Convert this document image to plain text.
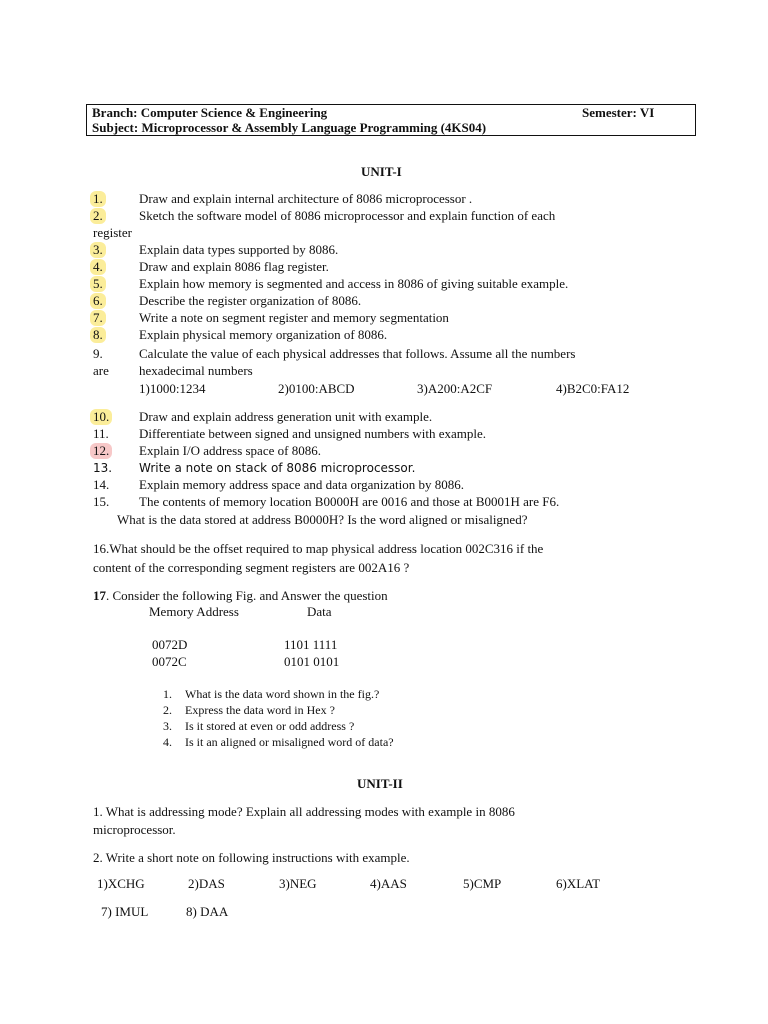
Branch: Computer Science & Engineering	Semester: VI
Subject: Microprocessor & Assembly Language Programming (4KS04)
UNIT-I
1.	Draw and explain internal architecture of 8086 microprocessor .
2.	Sketch the software model of 8086 microprocessor and explain function of each
register
3.	Explain data types supported by 8086.
4.	Draw and explain 8086 flag register.
5.	Explain how memory is segmented and access in 8086 of giving suitable example.
6.	Describe the register organization of 8086.
7.	Write a note on segment register and memory segmentation
8.	Explain physical memory organization of 8086.
9.	Calculate the value of each physical addresses that follows. Assume all the numbers
are hexadecimal numbers
1)1000:1234	2)0100:ABCD	3)A200:A2CF	4)B2C0:FA12
10. Draw and explain address generation unit with example.
11. Differentiate between signed and unsigned numbers with example.
12. Explain I/O address space of 8086.
13. Write a note on stack of 8086 microprocessor.
14. Explain memory address space and data organization by 8086.
15. The contents of memory location B0000H are 0016 and those at B0001H are F6.
What is the data stored at address B0000H? Is the word aligned or misaligned?
16.What should be the offset required to map physical address location 002C316 if the
content of the corresponding segment registers are 002A16 ?
17. Consider the following Fig. and Answer the question
Memory Address	Data
0072D	1101 1111
0072C	0101 0101
1. What is the data word shown in the fig.?
2. Express the data word in Hex ?
3. Is it stored at even or odd address ?
4. Is it an aligned or misaligned word of data?
UNIT-II
1. What is addressing mode? Explain all addressing modes with example in 8086
microprocessor.
2. Write a short note on following instructions with example.
1)XCHG	2)DAS	3)NEG	4)AAS	5)CMP	6)XLAT
7) IMUL	8) DAA
